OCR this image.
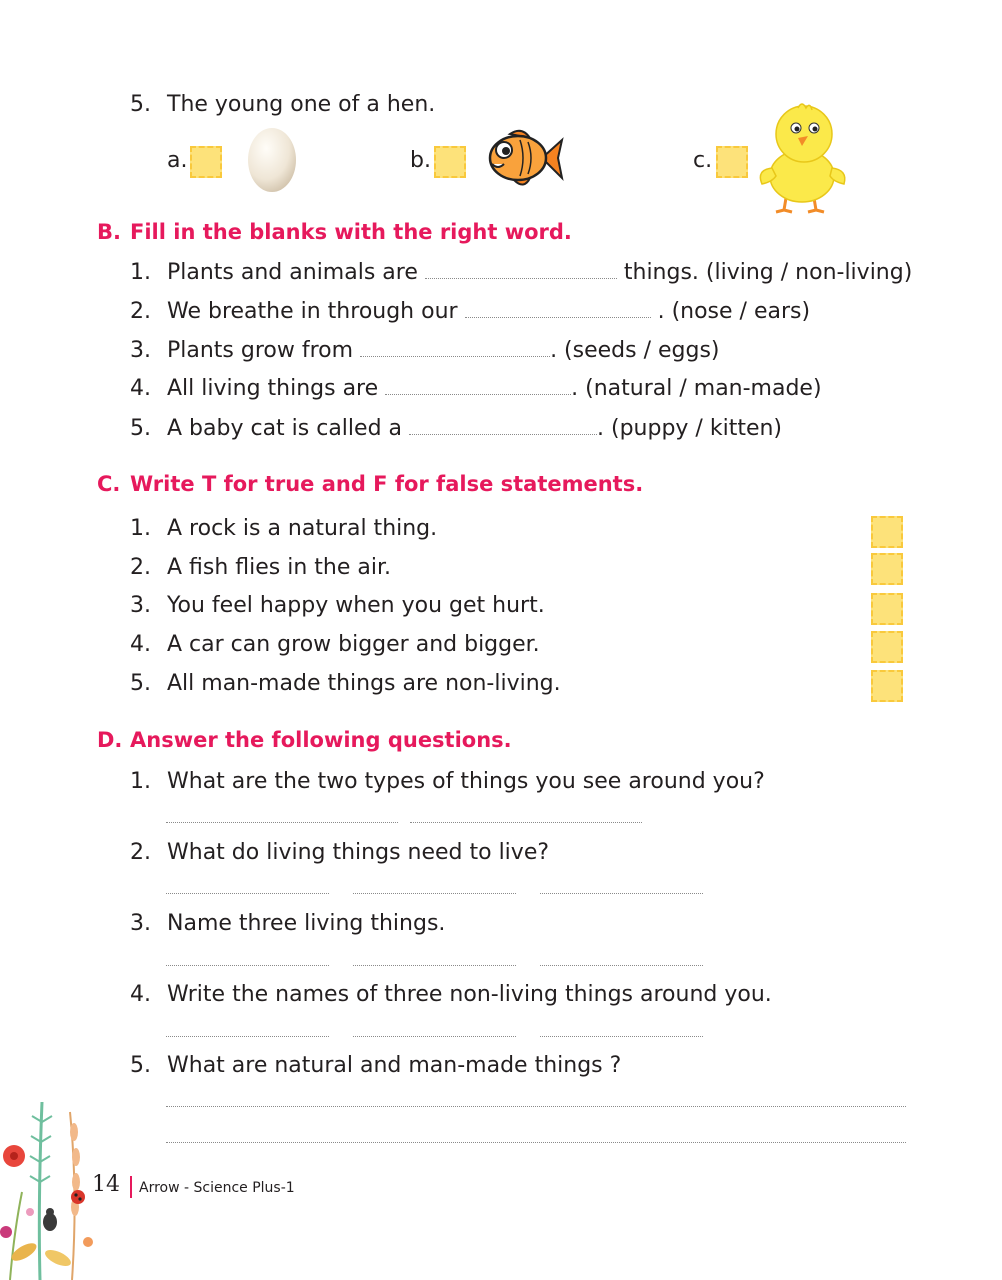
5. The young one of a hen.
a.	b.	c.
B. Fill in the blanks with the right word.
1. Plants and animals are	things. (living / non-living)
2. We breathe in through our	. (nose / ears)
3. Plants grow from	. (seeds / eggs)
4. All living things are	. (natural / man-made)
5. A baby cat is called a	. (puppy / kitten)
C. Write T for true and F for false statements.
1. A rock is a natural thing.
2. A fish flies in the air.
3. You feel happy when you get hurt.
4. A car can grow bigger and bigger.
5. All man-made things are non-living.
D. Answer the following questions.
1. What are the two types of things you see around you?
2. What do living things need to live?
3. Name three living things.
4. Write the names of three non-living things around you.
5. What are natural and man-made things ?
14 Arrow - Science Plus-1
